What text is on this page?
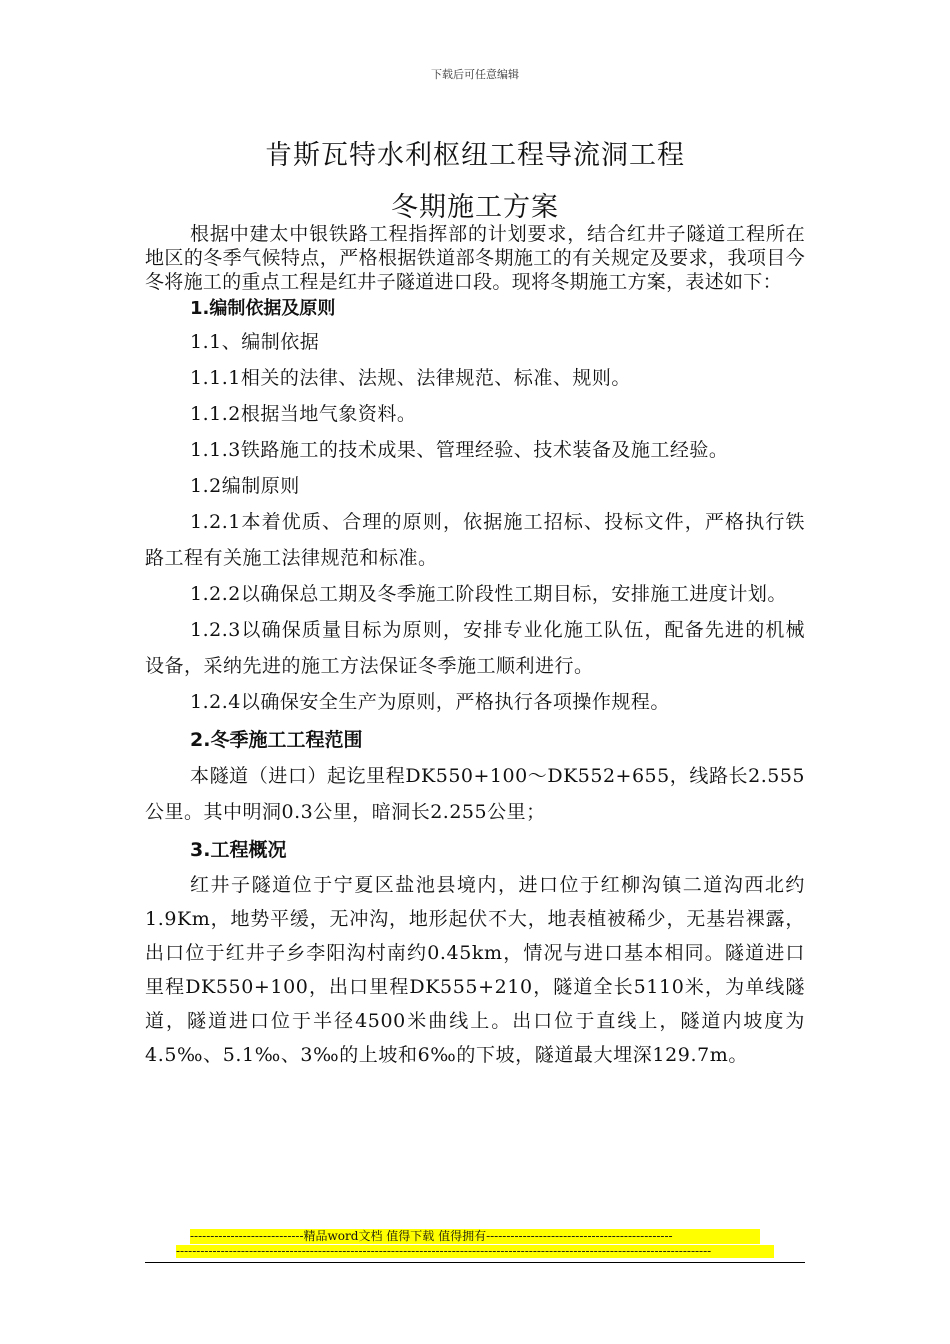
下载后可任意编辑
肯斯瓦特水利枢纽工程导流洞工程
冬期施工方案

根据中建太中银铁路工程指挥部的计划要求，结合红井子隧道工程所在地区的冬季气候特点，严格根据铁道部冬期施工的有关规定及要求，我项目今冬将施工的重点工程是红井子隧道进口段。现将冬期施工方案，表述如下：

1.编制依据及原则

1.1、编制依据

1.1.1相关的法律、法规、法律规范、标准、规则。

1.1.2根据当地气象资料。

1.1.3铁路施工的技术成果、管理经验、技术装备及施工经验。

1.2编制原则

1.2.1本着优质、合理的原则，依据施工招标、投标文件，严格执行铁路工程有关施工法律规范和标准。

1.2.2以确保总工期及冬季施工阶段性工期目标，安排施工进度计划。

1.2.3以确保质量目标为原则，安排专业化施工队伍，配备先进的机械设备，采纳先进的施工方法保证冬季施工顺利进行。

1.2.4以确保安全生产为原则，严格执行各项操作规程。

2.冬季施工工程范围

本隧道（进口）起讫里程DK550+100～DK552+655，线路长2.555公里。其中明洞0.3公里，暗洞长2.255公里；

3.工程概况

红井子隧道位于宁夏区盐池县境内，进口位于红柳沟镇二道沟西北约1.9Km，地势平缓，无冲沟，地形起伏不大，地表植被稀少，无基岩裸露，出口位于红井子乡李阳沟村南约0.45km，情况与进口基本相同。隧道进口里程DK550+100，出口里程DK555+210，隧道全长5110米，为单线隧道，隧道进口位于半径4500米曲线上。出口位于直线上，隧道内坡度为4.5‰、5.1‰、3‰的上坡和6‰的下坡，隧道最大埋深129.7m。

----------------------------精品word文档 值得下载 值得拥有----------------------------------------------
------------------------------------------------------------------------------------------------------------------------------------
